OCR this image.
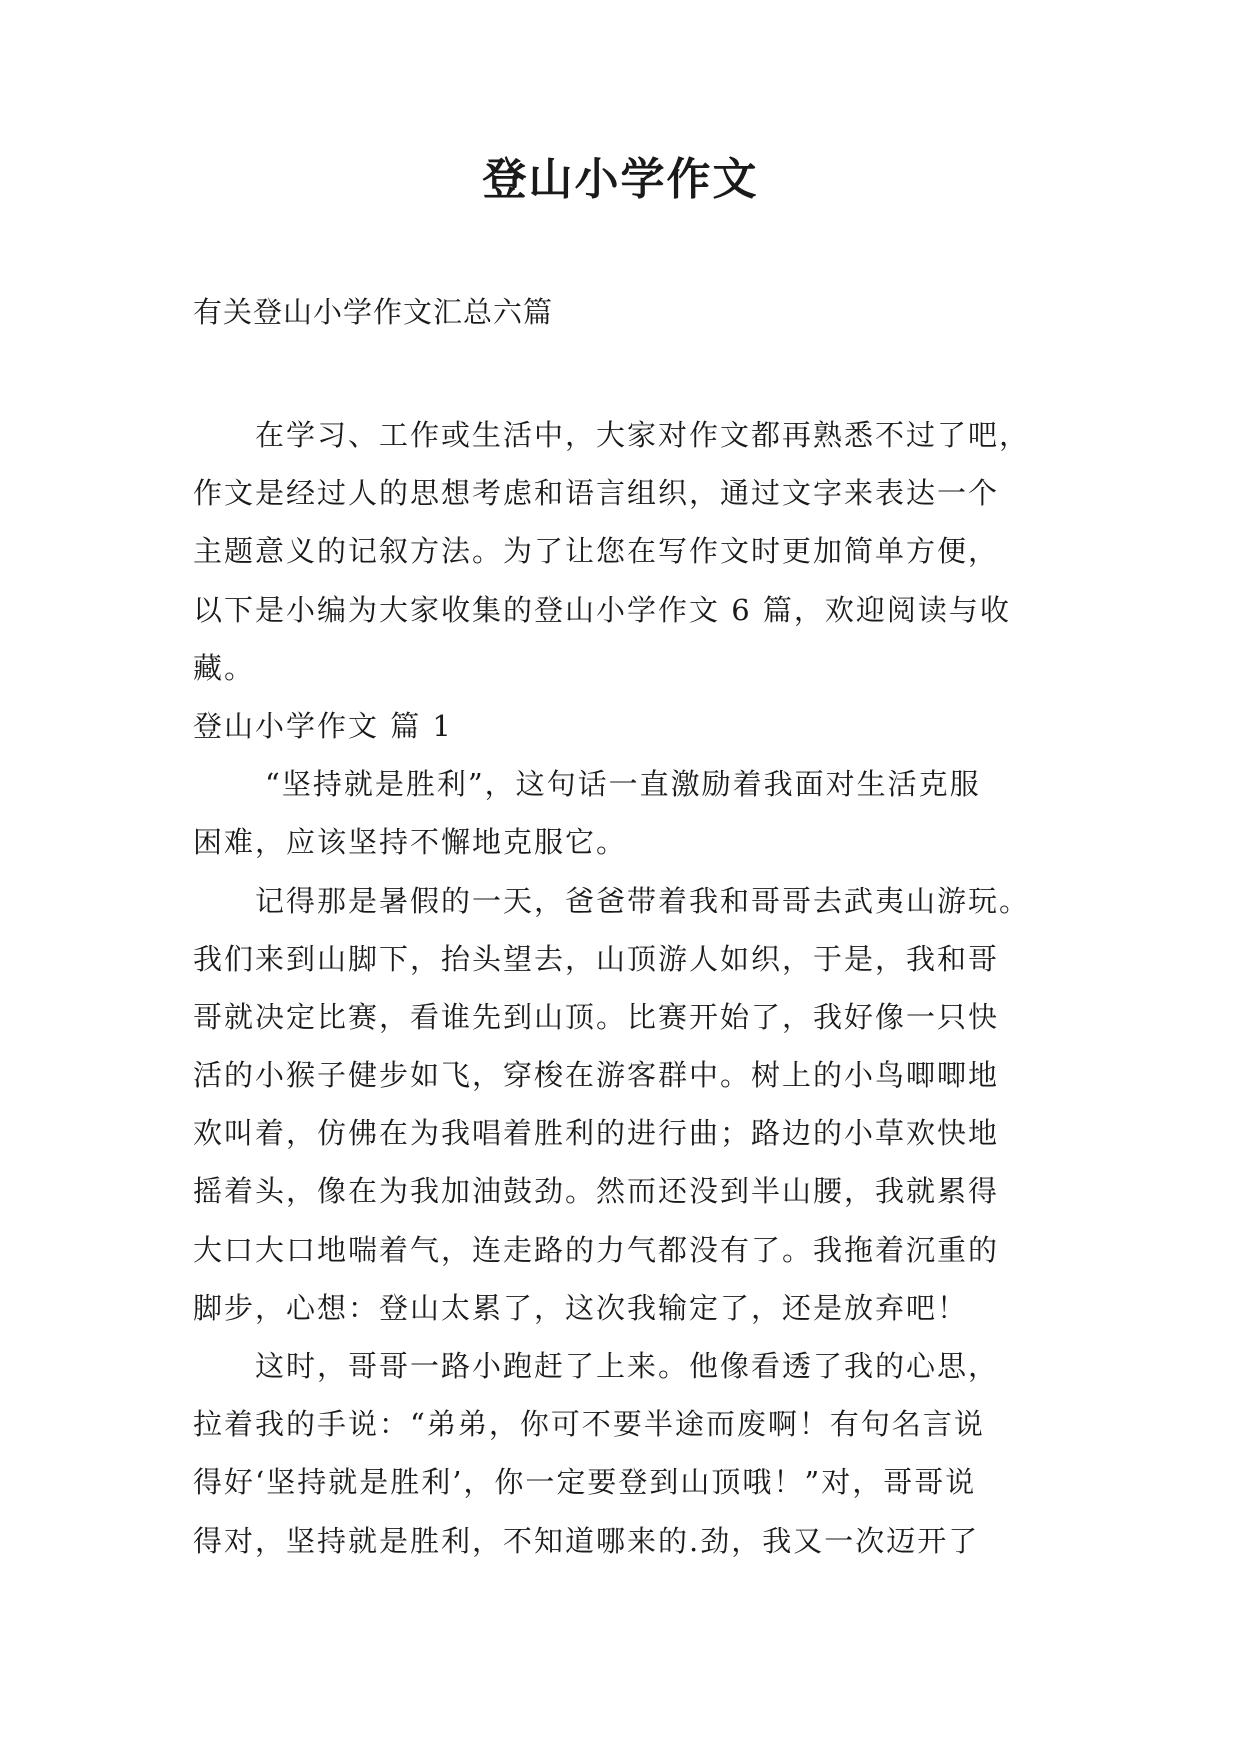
登山小学作文
有关登山小学作文汇总六篇
在学习、工作或生活中，大家对作文都再熟悉不过了吧，
作文是经过人的思想考虑和语言组织，通过文字来表达一个
主题意义的记叙方法。为了让您在写作文时更加简单方便，
以下是小编为大家收集的登山小学作文 6 篇，欢迎阅读与收
藏。
登山小学作文 篇 1
“坚持就是胜利”，这句话一直激励着我面对生活克服
困难，应该坚持不懈地克服它。
记得那是暑假的一天，爸爸带着我和哥哥去武夷山游玩。
我们来到山脚下，抬头望去，山顶游人如织，于是，我和哥
哥就决定比赛，看谁先到山顶。比赛开始了，我好像一只快
活的小猴子健步如飞，穿梭在游客群中。树上的小鸟唧唧地
欢叫着，仿佛在为我唱着胜利的进行曲；路边的小草欢快地
摇着头，像在为我加油鼓劲。然而还没到半山腰，我就累得
大口大口地喘着气，连走路的力气都没有了。我拖着沉重的
脚步，心想：登山太累了，这次我输定了，还是放弃吧！
这时，哥哥一路小跑赶了上来。他像看透了我的心思，
拉着我的手说：“弟弟，你可不要半途而废啊！有句名言说
得好‘坚持就是胜利’，你一定要登到山顶哦！”对，哥哥说
得对，坚持就是胜利，不知道哪来的.劲，我又一次迈开了
